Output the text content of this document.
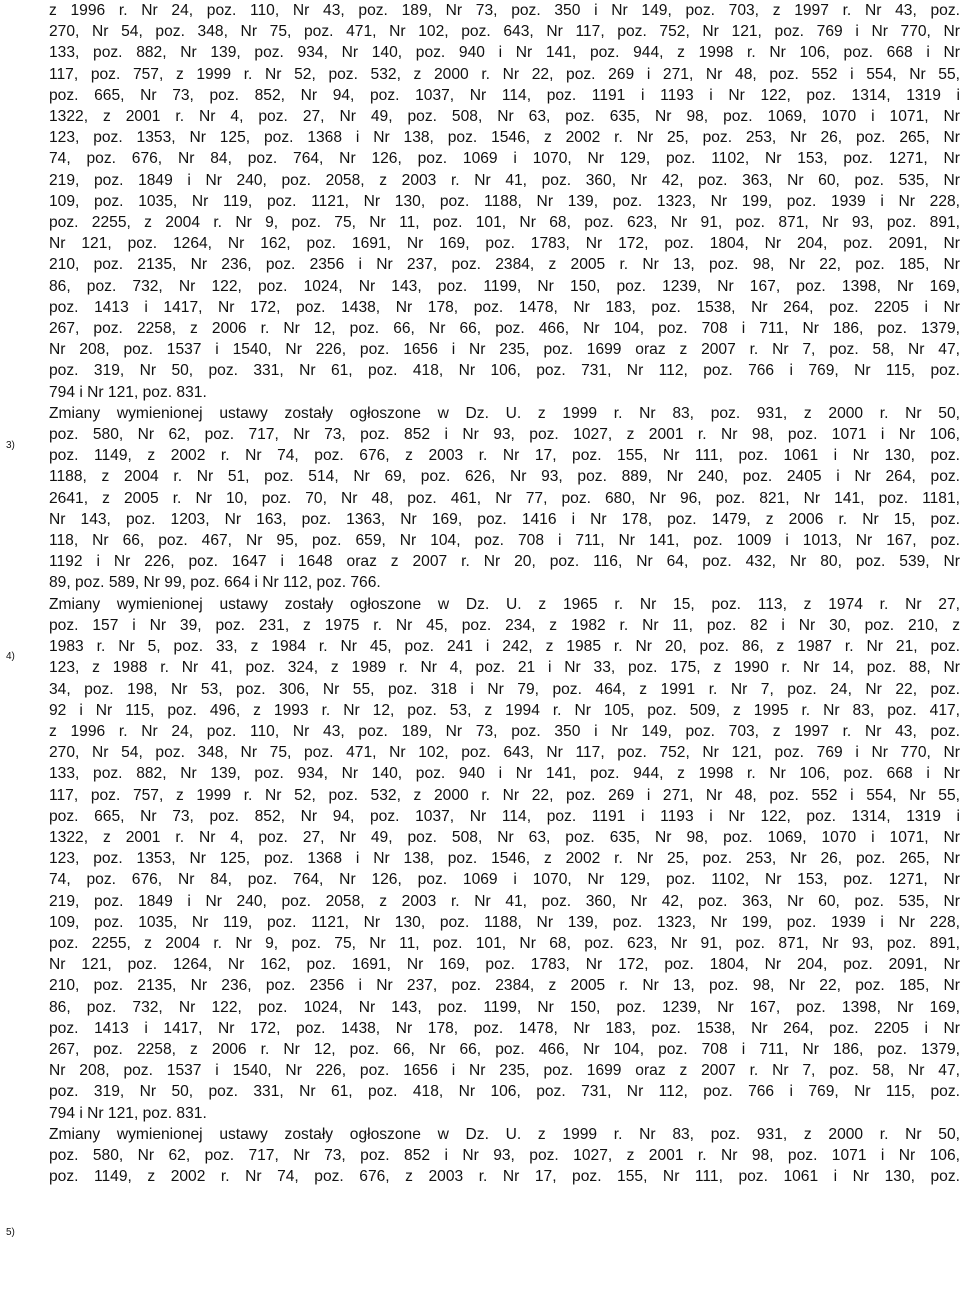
3)
4)
5)
z 1996 r. Nr 24, poz. 110, Nr 43, poz. 189, Nr 73, poz. 350 i Nr 149, poz. 703, z 1997 r. Nr 43, poz.
270, Nr 54, poz. 348, Nr 75, poz. 471, Nr 102, poz. 643, Nr 117, poz. 752, Nr 121, poz. 769 i Nr 770, Nr
133, poz. 882, Nr 139, poz. 934, Nr 140, poz. 940 i Nr 141, poz. 944, z 1998 r. Nr 106, poz. 668 i Nr
117, poz. 757, z 1999 r. Nr 52, poz. 532, z 2000 r. Nr 22, poz. 269 i 271, Nr 48, poz. 552 i 554, Nr 55,
poz. 665, Nr 73, poz. 852, Nr 94, poz. 1037, Nr 114, poz. 1191 i 1193 i Nr 122, poz. 1314, 1319 i
1322, z 2001 r. Nr 4, poz. 27, Nr 49, poz. 508, Nr 63, poz. 635, Nr 98, poz. 1069, 1070 i 1071, Nr
123, poz. 1353, Nr 125, poz. 1368 i Nr 138, poz. 1546, z 2002 r. Nr 25, poz. 253, Nr 26, poz. 265, Nr
74, poz. 676, Nr 84, poz. 764, Nr 126, poz. 1069 i 1070, Nr 129, poz. 1102, Nr 153, poz. 1271, Nr
219, poz. 1849 i Nr 240, poz. 2058, z 2003 r. Nr 41, poz. 360, Nr 42, poz. 363, Nr 60, poz. 535, Nr
109, poz. 1035, Nr 119, poz. 1121, Nr 130, poz. 1188, Nr 139, poz. 1323, Nr 199, poz. 1939 i Nr 228,
poz. 2255, z 2004 r. Nr 9, poz. 75, Nr 11, poz. 101, Nr 68, poz. 623, Nr 91, poz. 871, Nr 93, poz. 891,
Nr 121, poz. 1264, Nr 162, poz. 1691, Nr 169, poz. 1783, Nr 172, poz. 1804, Nr 204, poz. 2091, Nr
210, poz. 2135, Nr 236, poz. 2356 i Nr 237, poz. 2384, z 2005 r. Nr 13, poz. 98, Nr 22, poz. 185, Nr
86, poz. 732, Nr 122, poz. 1024, Nr 143, poz. 1199, Nr 150, poz. 1239, Nr 167, poz. 1398, Nr 169,
poz. 1413 i 1417, Nr 172, poz. 1438, Nr 178, poz. 1478, Nr 183, poz. 1538, Nr 264, poz. 2205 i Nr
267, poz. 2258, z 2006 r. Nr 12, poz. 66, Nr 66, poz. 466, Nr 104, poz. 708 i 711, Nr 186, poz. 1379,
Nr 208, poz. 1537 i 1540, Nr 226, poz. 1656 i Nr 235, poz. 1699 oraz z 2007 r. Nr 7, poz. 58, Nr 47,
poz. 319, Nr 50, poz. 331, Nr 61, poz. 418, Nr 106, poz. 731, Nr 112, poz. 766 i 769, Nr 115, poz.
794 i Nr 121, poz. 831.
Zmiany wymienionej ustawy zostały ogłoszone w Dz. U. z 1999 r. Nr 83, poz. 931, z 2000 r. Nr 50,
poz. 580, Nr 62, poz. 717, Nr 73, poz. 852 i Nr 93, poz. 1027, z 2001 r. Nr 98, poz. 1071 i Nr 106,
poz. 1149, z 2002 r. Nr 74, poz. 676, z 2003 r. Nr 17, poz. 155, Nr 111, poz. 1061 i Nr 130, poz.
1188, z 2004 r. Nr 51, poz. 514, Nr 69, poz. 626, Nr 93, poz. 889, Nr 240, poz. 2405 i Nr 264, poz.
2641, z 2005 r. Nr 10, poz. 70, Nr 48, poz. 461, Nr 77, poz. 680, Nr 96, poz. 821, Nr 141, poz. 1181,
Nr 143, poz. 1203, Nr 163, poz. 1363, Nr 169, poz. 1416 i Nr 178, poz. 1479, z 2006 r. Nr 15, poz.
118, Nr 66, poz. 467, Nr 95, poz. 659, Nr 104, poz. 708 i 711, Nr 141, poz. 1009 i 1013, Nr 167, poz.
1192 i Nr 226, poz. 1647 i 1648 oraz z 2007 r. Nr 20, poz. 116, Nr 64, poz. 432, Nr 80, poz. 539, Nr
89, poz. 589, Nr 99, poz. 664 i Nr 112, poz. 766.
Zmiany wymienionej ustawy zostały ogłoszone w Dz. U. z 1965 r. Nr 15, poz. 113, z 1974 r. Nr 27,
poz. 157 i Nr 39, poz. 231, z 1975 r. Nr 45, poz. 234, z 1982 r. Nr 11, poz. 82 i Nr 30, poz. 210, z
1983 r. Nr 5, poz. 33, z 1984 r. Nr 45, poz. 241 i 242, z 1985 r. Nr 20, poz. 86, z 1987 r. Nr 21, poz.
123, z 1988 r. Nr 41, poz. 324, z 1989 r. Nr 4, poz. 21 i Nr 33, poz. 175, z 1990 r. Nr 14, poz. 88, Nr
34, poz. 198, Nr 53, poz. 306, Nr 55, poz. 318 i Nr 79, poz. 464, z 1991 r. Nr 7, poz. 24, Nr 22, poz.
92 i Nr 115, poz. 496, z 1993 r. Nr 12, poz. 53, z 1994 r. Nr 105, poz. 509, z 1995 r. Nr 83, poz. 417,
z 1996 r. Nr 24, poz. 110, Nr 43, poz. 189, Nr 73, poz. 350 i Nr 149, poz. 703, z 1997 r. Nr 43, poz.
270, Nr 54, poz. 348, Nr 75, poz. 471, Nr 102, poz. 643, Nr 117, poz. 752, Nr 121, poz. 769 i Nr 770, Nr
133, poz. 882, Nr 139, poz. 934, Nr 140, poz. 940 i Nr 141, poz. 944, z 1998 r. Nr 106, poz. 668 i Nr
117, poz. 757, z 1999 r. Nr 52, poz. 532, z 2000 r. Nr 22, poz. 269 i 271, Nr 48, poz. 552 i 554, Nr 55,
poz. 665, Nr 73, poz. 852, Nr 94, poz. 1037, Nr 114, poz. 1191 i 1193 i Nr 122, poz. 1314, 1319 i
1322, z 2001 r. Nr 4, poz. 27, Nr 49, poz. 508, Nr 63, poz. 635, Nr 98, poz. 1069, 1070 i 1071, Nr
123, poz. 1353, Nr 125, poz. 1368 i Nr 138, poz. 1546, z 2002 r. Nr 25, poz. 253, Nr 26, poz. 265, Nr
74, poz. 676, Nr 84, poz. 764, Nr 126, poz. 1069 i 1070, Nr 129, poz. 1102, Nr 153, poz. 1271, Nr
219, poz. 1849 i Nr 240, poz. 2058, z 2003 r. Nr 41, poz. 360, Nr 42, poz. 363, Nr 60, poz. 535, Nr
109, poz. 1035, Nr 119, poz. 1121, Nr 130, poz. 1188, Nr 139, poz. 1323, Nr 199, poz. 1939 i Nr 228,
poz. 2255, z 2004 r. Nr 9, poz. 75, Nr 11, poz. 101, Nr 68, poz. 623, Nr 91, poz. 871, Nr 93, poz. 891,
Nr 121, poz. 1264, Nr 162, poz. 1691, Nr 169, poz. 1783, Nr 172, poz. 1804, Nr 204, poz. 2091, Nr
210, poz. 2135, Nr 236, poz. 2356 i Nr 237, poz. 2384, z 2005 r. Nr 13, poz. 98, Nr 22, poz. 185, Nr
86, poz. 732, Nr 122, poz. 1024, Nr 143, poz. 1199, Nr 150, poz. 1239, Nr 167, poz. 1398, Nr 169,
poz. 1413 i 1417, Nr 172, poz. 1438, Nr 178, poz. 1478, Nr 183, poz. 1538, Nr 264, poz. 2205 i Nr
267, poz. 2258, z 2006 r. Nr 12, poz. 66, Nr 66, poz. 466, Nr 104, poz. 708 i 711, Nr 186, poz. 1379,
Nr 208, poz. 1537 i 1540, Nr 226, poz. 1656 i Nr 235, poz. 1699 oraz z 2007 r. Nr 7, poz. 58, Nr 47,
poz. 319, Nr 50, poz. 331, Nr 61, poz. 418, Nr 106, poz. 731, Nr 112, poz. 766 i 769, Nr 115, poz.
794 i Nr 121, poz. 831.
Zmiany wymienionej ustawy zostały ogłoszone w Dz. U. z 1999 r. Nr 83, poz. 931, z 2000 r. Nr 50,
poz. 580, Nr 62, poz. 717, Nr 73, poz. 852 i Nr 93, poz. 1027, z 2001 r. Nr 98, poz. 1071 i Nr 106,
poz. 1149, z 2002 r. Nr 74, poz. 676, z 2003 r. Nr 17, poz. 155, Nr 111, poz. 1061 i Nr 130, poz.
